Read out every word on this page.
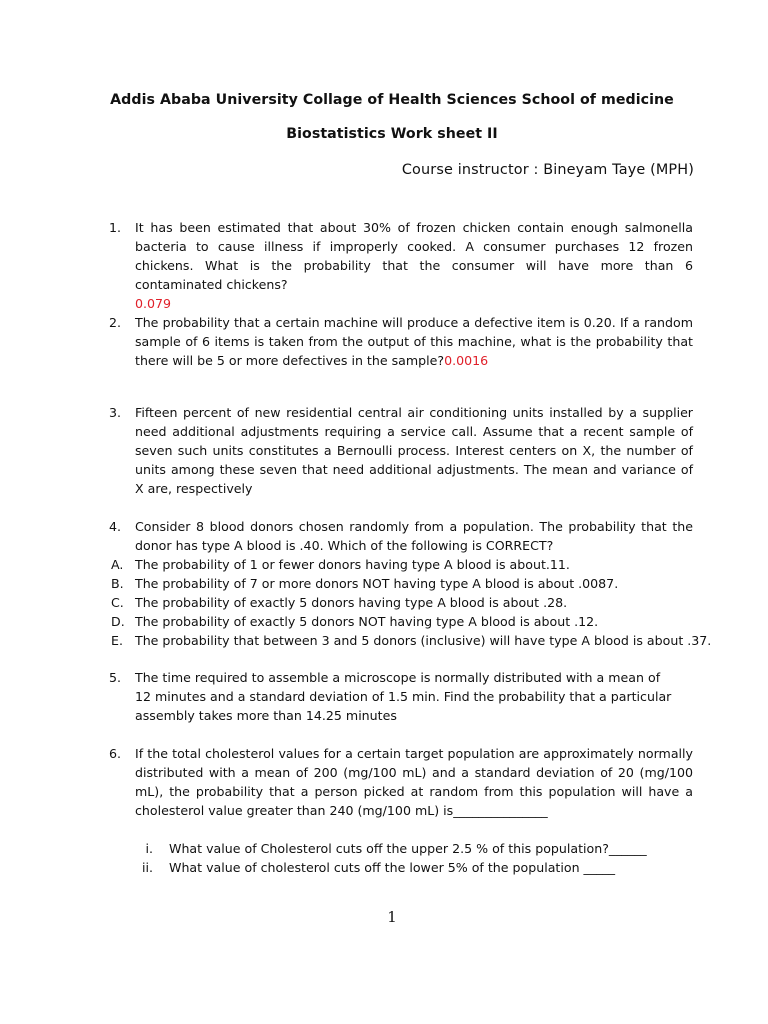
Addis Ababa University Collage of Health Sciences School of medicine
Biostatistics Work sheet II
Course instructor : Bineyam Taye (MPH)
1.	It has been estimated that about 30% of frozen chicken contain enough salmonella bacteria to cause illness if improperly cooked. A consumer purchases 12 frozen chickens. What is the probability that the consumer will have more than 6 contaminated chickens?
0.079
2.	The probability that a certain machine will produce a defective item is 0.20. If a random sample of 6 items is taken from the output of this machine, what is the probability that there will be 5 or more defectives in the sample?0.0016
3.	Fifteen percent of new residential central air conditioning units installed by a supplier need additional adjustments requiring a service call. Assume that a recent sample of seven such units constitutes a Bernoulli process. Interest centers on X, the number of units among these seven that need additional adjustments. The mean and variance of X are, respectively
4.	Consider 8 blood donors chosen randomly from a population. The probability that the donor has type A blood is .40. Which of the following is CORRECT?
A. The probability of 1 or fewer donors having type A blood is about.11.
B. The probability of 7 or more donors NOT having type A blood is about .0087.
C. The probability of exactly 5 donors having type A blood is about .28.
D. The probability of exactly 5 donors NOT having type A blood is about .12.
E. The probability that between 3 and 5 donors (inclusive) will have type A blood is about .37.
5.	The time required to assemble a microscope is normally distributed with a mean of 12 minutes and a standard deviation of 1.5 min. Find the probability that a particular assembly takes more than 14.25 minutes
6.	If the total cholesterol values for a certain target population are approximately normally distributed with a mean of 200 (mg/100 mL) and a standard deviation of 20 (mg/100 mL), the probability that a person picked at random from this population will have a cholesterol value greater than 240 (mg/100 mL) is_______________
i. What value of Cholesterol cuts off the upper 2.5 % of this population?______
ii. What value of cholesterol cuts off the lower 5% of the population _____
1
